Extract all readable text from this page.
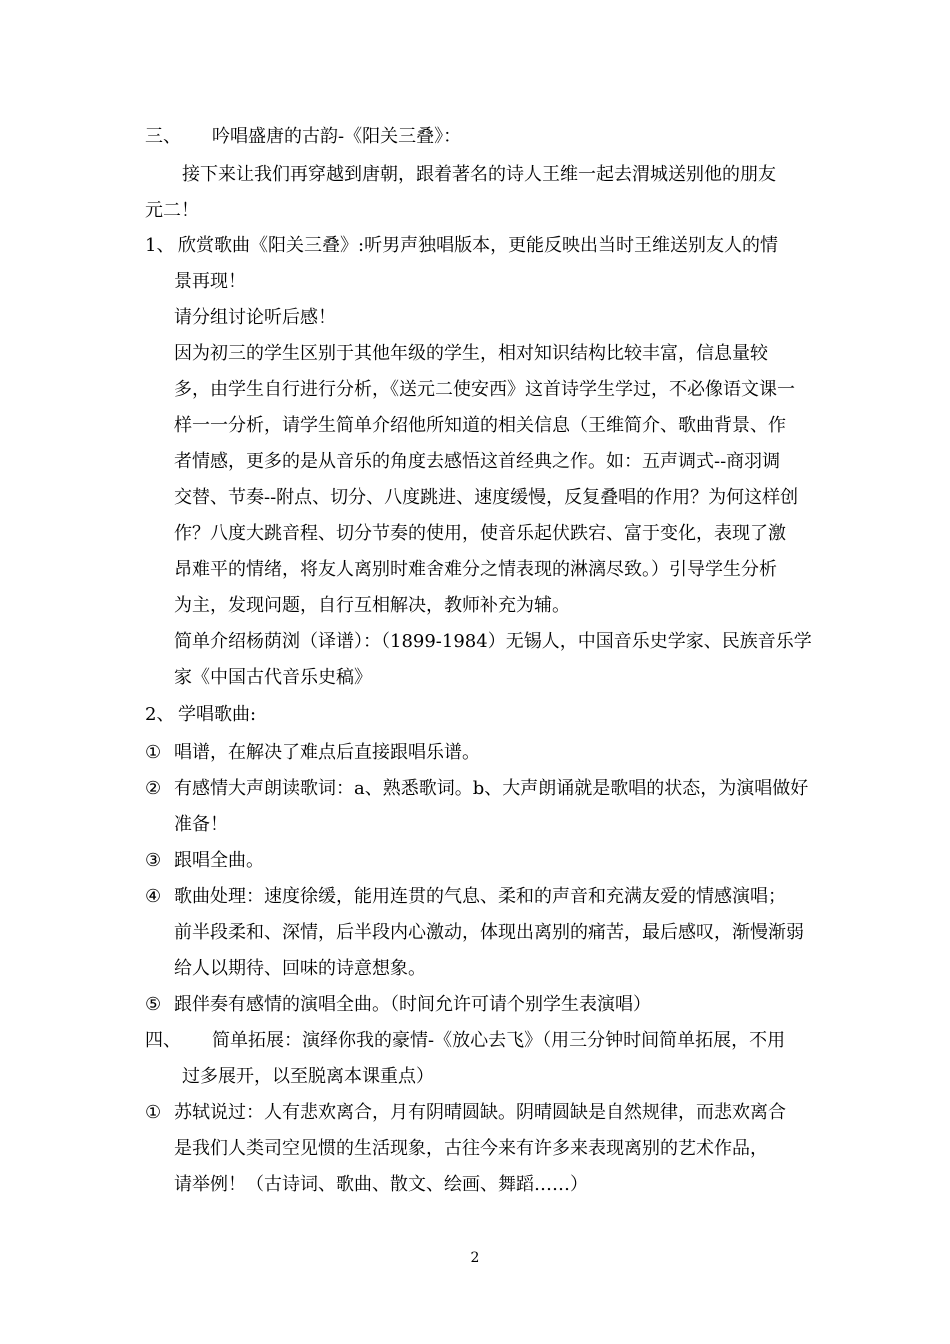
三、 吟唱盛唐的古韵-《阳关三叠》：
接下来让我们再穿越到唐朝，跟着著名的诗人王维一起去渭城送别他的朋友
元二！
1、 欣赏歌曲《阳关三叠》:听男声独唱版本，更能反映出当时王维送别友人的情
景再现！
请分组讨论听后感！
因为初三的学生区别于其他年级的学生，相对知识结构比较丰富，信息量较
多，由学生自行进行分析，《送元二使安西》这首诗学生学过，不必像语文课一
样一一分析，请学生简单介绍他所知道的相关信息（王维简介、歌曲背景、作
者情感，更多的是从音乐的角度去感悟这首经典之作。如：五声调式--商羽调
交替、节奏--附点、切分、八度跳进、速度缓慢，反复叠唱的作用？为何这样创
作？八度大跳音程、切分节奏的使用，使音乐起伏跌宕、富于变化，表现了激
昂难平的情绪，将友人离别时难舍难分之情表现的淋漓尽致。）引导学生分析
为主，发现问题，自行互相解决，教师补充为辅。
简单介绍杨荫浏（译谱）：（1899-1984）无锡人，中国音乐史学家、民族音乐学
家《中国古代音乐史稿》
2、 学唱歌曲:
① 唱谱，在解决了难点后直接跟唱乐谱。
② 有感情大声朗读歌词：a、熟悉歌词。b、大声朗诵就是歌唱的状态，为演唱做好
准备！
③ 跟唱全曲。
④ 歌曲处理：速度徐缓，能用连贯的气息、柔和的声音和充满友爱的情感演唱；
前半段柔和、深情，后半段内心激动，体现出离别的痛苦，最后感叹，渐慢渐弱
给人以期待、回味的诗意想象。
⑤ 跟伴奏有感情的演唱全曲。（时间允许可请个别学生表演唱）
四、 简单拓展：演绎你我的豪情-《放心去飞》（用三分钟时间简单拓展，不用
过多展开，以至脱离本课重点）
① 苏轼说过：人有悲欢离合，月有阴晴圆缺。阴晴圆缺是自然规律，而悲欢离合
是我们人类司空见惯的生活现象，古往今来有许多来表现离别的艺术作品，
请举例！（古诗词、歌曲、散文、绘画、舞蹈……）
2
